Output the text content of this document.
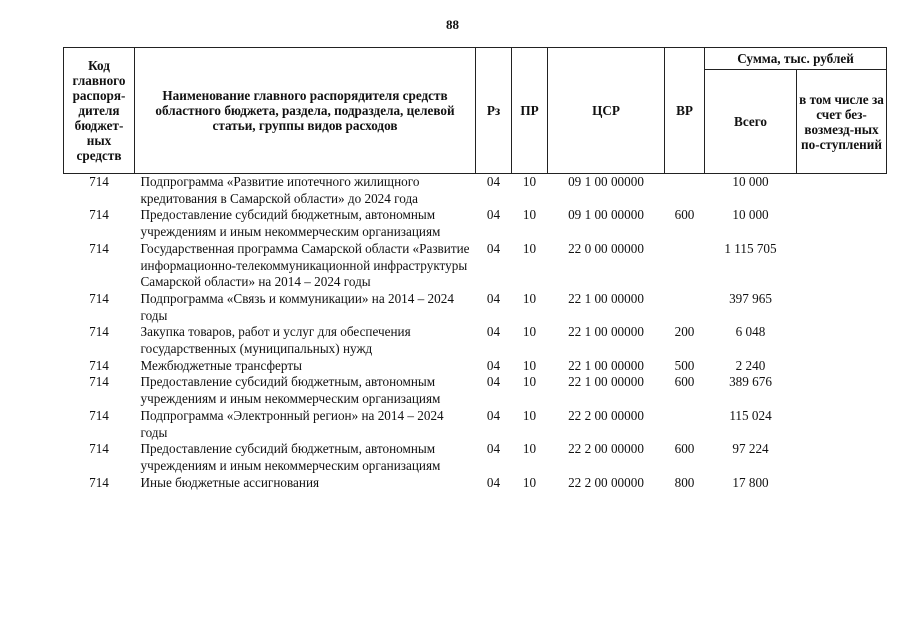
88
Код главного распоря-дителя бюджет-ных средств	Наименование главного распорядителя средств областного бюджета, раздела, подраздела, целевой статьи, группы видов расходов	Рз	ПР	ЦСР	ВР	Сумма, тыс. рублей	
						Всего	в том числе за счет без-возмезд-ных по-ступлений
714	Подпрограмма «Развитие ипотечного жилищного кредитования в Самарской области» до 2024 года	04	10	09 1 00 00000		10 000	
714	Предоставление субсидий бюджетным, автономным учреждениям и иным некоммерческим организациям	04	10	09 1 00 00000	600	10 000	
714	Государственная программа Самарской области «Развитие информационно-телекоммуникационной инфраструктуры Самарской области» на 2014 – 2024 годы	04	10	22 0 00 00000		1 115 705	
714	Подпрограмма «Связь и коммуникации» на 2014 – 2024 годы	04	10	22 1 00 00000		397 965	
714	Закупка товаров, работ и услуг для обеспечения государственных (муниципальных) нужд	04	10	22 1 00 00000	200	6 048	
714	Межбюджетные трансферты	04	10	22 1 00 00000	500	2 240	
714	Предоставление субсидий бюджетным, автономным учреждениям и иным некоммерческим организациям	04	10	22 1 00 00000	600	389 676	
714	Подпрограмма «Электронный регион» на 2014 – 2024 годы	04	10	22 2 00 00000		115 024	
714	Предоставление субсидий бюджетным, автономным учреждениям и иным некоммерческим организациям	04	10	22 2 00 00000	600	97 224	
714	Иные бюджетные ассигнования	04	10	22 2 00 00000	800	17 800	
